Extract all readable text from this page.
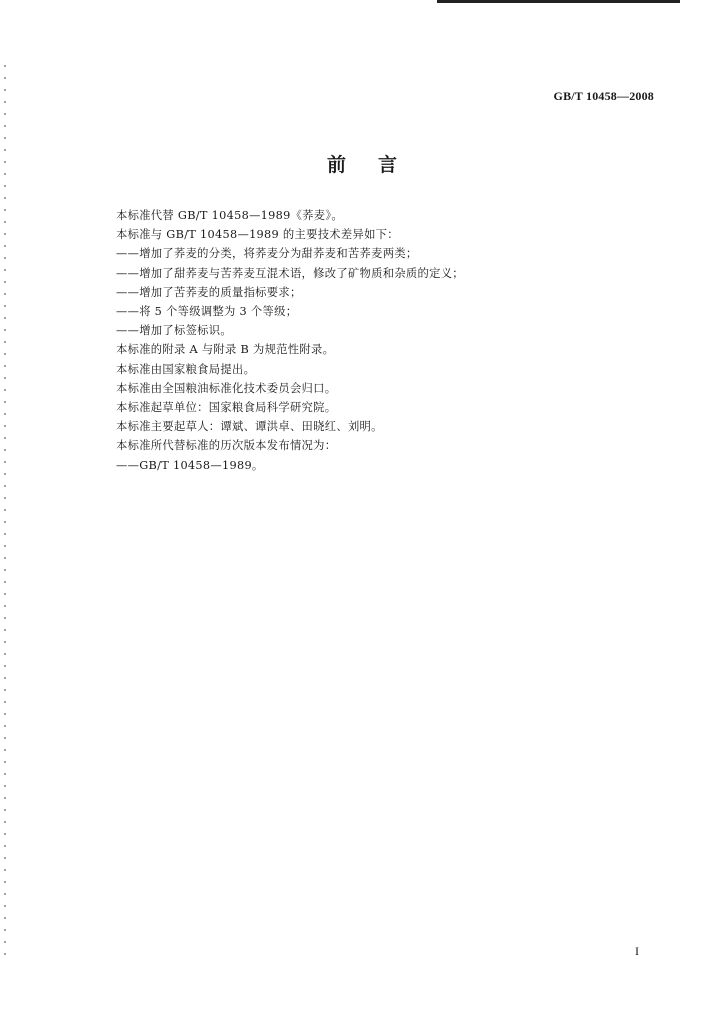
GB/T 10458—2008
前 言
本标准代替 GB/T 10458—1989《荞麦》。
本标准与 GB/T 10458—1989 的主要技术差异如下：
——增加了荞麦的分类，将荞麦分为甜荞麦和苦荞麦两类；
——增加了甜荞麦与苦荞麦互混术语，修改了矿物质和杂质的定义；
——增加了苦荞麦的质量指标要求；
——将 5 个等级调整为 3 个等级；
——增加了标签标识。
本标准的附录 A 与附录 B 为规范性附录。
本标准由国家粮食局提出。
本标准由全国粮油标准化技术委员会归口。
本标准起草单位：国家粮食局科学研究院。
本标准主要起草人：谭斌、谭洪卓、田晓红、刘明。
本标准所代替标准的历次版本发布情况为：
——GB/T 10458—1989。
I
